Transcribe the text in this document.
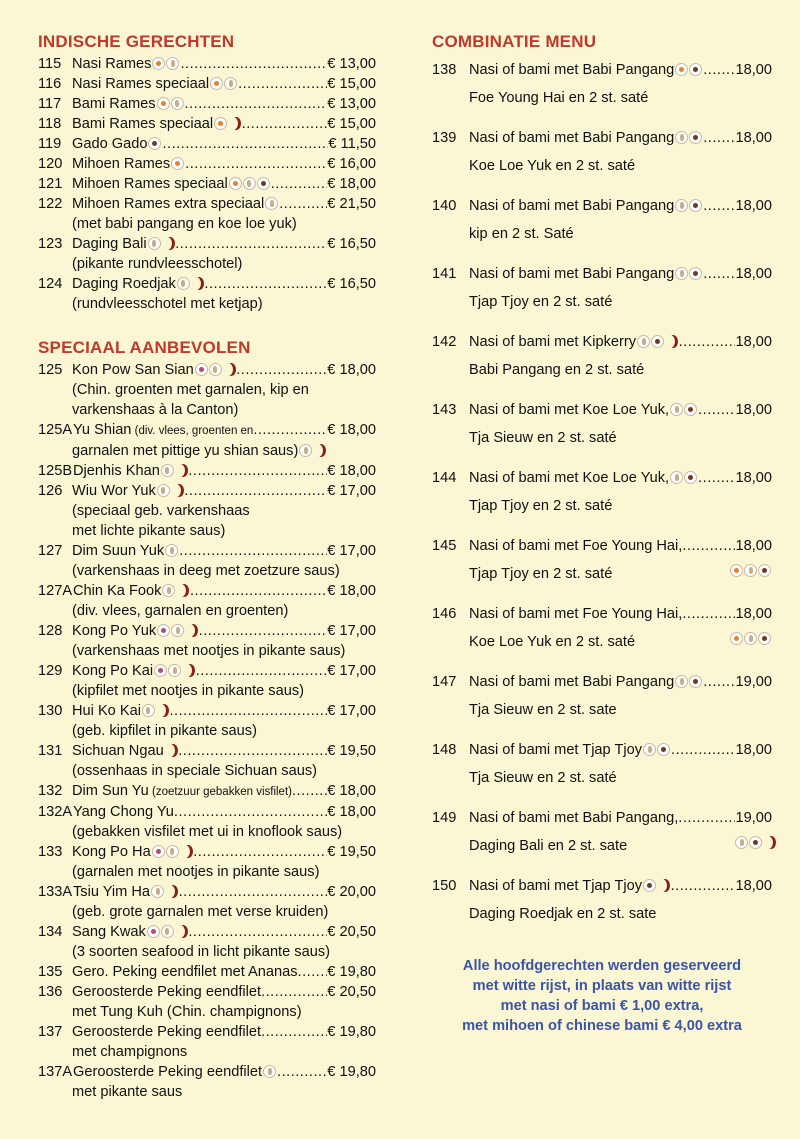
INDISCHE GERECHTEN
115 Nasi Rames .....	€ 13,00
116 Nasi Rames speciaal .....	€ 15,00
117 Bami Rames .....	€ 13,00
118 Bami Rames speciaal .....	€ 15,00
119 Gado Gado .....	€ 11,50
120 Mihoen Rames .....	€ 16,00
121 Mihoen Rames speciaal .....	€ 18,00
122 Mihoen Rames extra speciaal .....	€ 21,50
(met babi pangang en koe loe yuk)
123 Daging Bali .....	€ 16,50
(pikante rundvleesschotel)
124 Daging Roedjak .....	€ 16,50
(rundvleesschotel met ketjap)
SPECIAAL AANBEVOLEN
125 Kon Pow San Sian .....	€ 18,00
(Chin. groenten met garnalen, kip en
varkenshaas à la Canton)
125A Yu Shian (div. vlees, groenten en .....	€ 18,00
garnalen met pittige yu shian saus)
125B Djenhis Khan .....	€ 18,00
126 Wiu Wor Yuk .....	€ 17,00
(speciaal geb. varkenshaas
met lichte pikante saus)
127 Dim Suun Yuk .....	€ 17,00
(varkenshaas in deeg met zoetzure saus)
127A Chin Ka Fook .....	€ 18,00
(div. vlees, garnalen en groenten)
128 Kong Po Yuk .....	€ 17,00
(varkenshaas met nootjes in pikante saus)
129 Kong Po Kai .....	€ 17,00
(kipfilet met nootjes in pikante saus)
130 Hui Ko Kai .....	€ 17,00
(geb. kipfilet in pikante saus)
131 Sichuan Ngau .....	€ 19,50
(ossenhaas in speciale Sichuan saus)
132 Dim Sun Yu (zoetzuur gebakken visfilet) ..... € 18,00
132A Yang Chong Yu .....	€ 18,00
(gebakken visfilet met ui in knoflook saus)
133 Kong Po Ha .....	€ 19,50
(garnalen met nootjes in pikante saus)
133A Tsiu Yim Ha .....	€ 20,00
(geb. grote garnalen met verse kruiden)
134 Sang Kwak .....	€ 20,50
(3 soorten seafood in licht pikante saus)
135 Gero. Peking eendfilet met Ananas ..... € 19,80
136 Geroosterde Peking eendfilet .....	€ 20,50
met Tung Kuh (Chin. champignons)
137 Geroosterde Peking eendfilet .....	€ 19,80
met champignons
137A Geroosterde Peking eendfilet .....	€ 19,80
met pikante saus
COMBINATIE MENU
138 Nasi of bami met Babi Pangang .....	18,00
Foe Young Hai en 2 st. saté
139 Nasi of bami met Babi Pangang .....	18,00
Koe Loe Yuk en 2 st. saté
140 Nasi of bami met Babi Pangang .....	18,00
kip en 2 st. Saté
141 Nasi of bami met Babi Pangang .....	18,00
Tjap Tjoy en 2 st. saté
142 Nasi of bami met Kipkerry .....	18,00
Babi Pangang en 2 st. saté
143 Nasi of bami met Koe Loe Yuk, .....	18,00
Tja Sieuw en 2 st. saté
144 Nasi of bami met Koe Loe Yuk, .....	18,00
Tjap Tjoy en 2 st. saté
145 Nasi of bami met Foe Young Hai, .....	18,00
Tjap Tjoy en 2 st. saté
146 Nasi of bami met Foe Young Hai, .....	18,00
Koe Loe Yuk en 2 st. saté
147 Nasi of bami met Babi Pangang .....	19,00
Tja Sieuw en 2 st. sate
148 Nasi of bami met Tjap Tjoy .....	18,00
Tja Sieuw en 2 st. saté
149 Nasi of bami met Babi Pangang, .....	19,00
Daging Bali en 2 st. sate
150 Nasi of bami met Tjap Tjoy .....	18,00
Daging Roedjak en 2 st. sate
Alle hoofdgerechten werden geserveerd
met witte rijst, in plaats van witte rijst
met nasi of bami € 1,00 extra,
met mihoen of chinese bami € 4,00 extra
